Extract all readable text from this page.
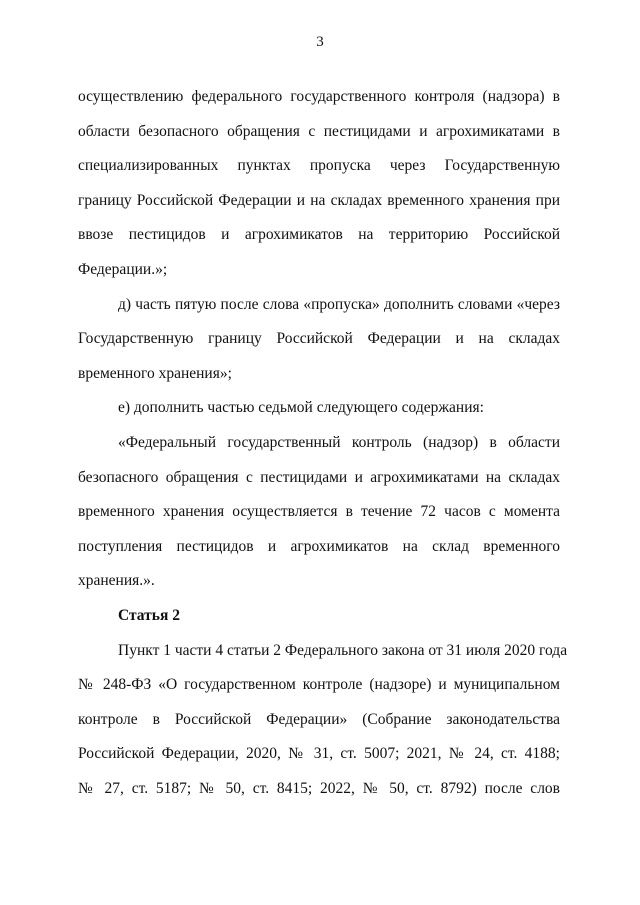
3

осуществлению федерального государственного контроля (надзора) в
области безопасного обращения с пестицидами и агрохимикатами в
специализированных пунктах пропуска через Государственную
границу Российской Федерации и на складах временного хранения при
ввозе пестицидов и агрохимикатов на территорию Российской
Федерации.»;

д) часть пятую после слова «пропуска» дополнить словами «через
Государственную границу Российской Федерации и на складах
временного хранения»;

е) дополнить частью седьмой следующего содержания:

«Федеральный государственный контроль (надзор) в области
безопасного обращения с пестицидами и агрохимикатами на складах
временного хранения осуществляется в течение 72 часов с момента
поступления пестицидов и агрохимикатов на склад временного
хранения.».

Статья 2

Пункт 1 части 4 статьи 2 Федерального закона от 31 июля 2020 года
№ 248-ФЗ «О государственном контроле (надзоре) и муниципальном
контроле в Российской Федерации» (Собрание законодательства
Российской Федерации, 2020, № 31, ст. 5007; 2021, № 24, ст. 4188;
№ 27, ст. 5187; № 50, ст. 8415; 2022, № 50, ст. 8792) после слов
